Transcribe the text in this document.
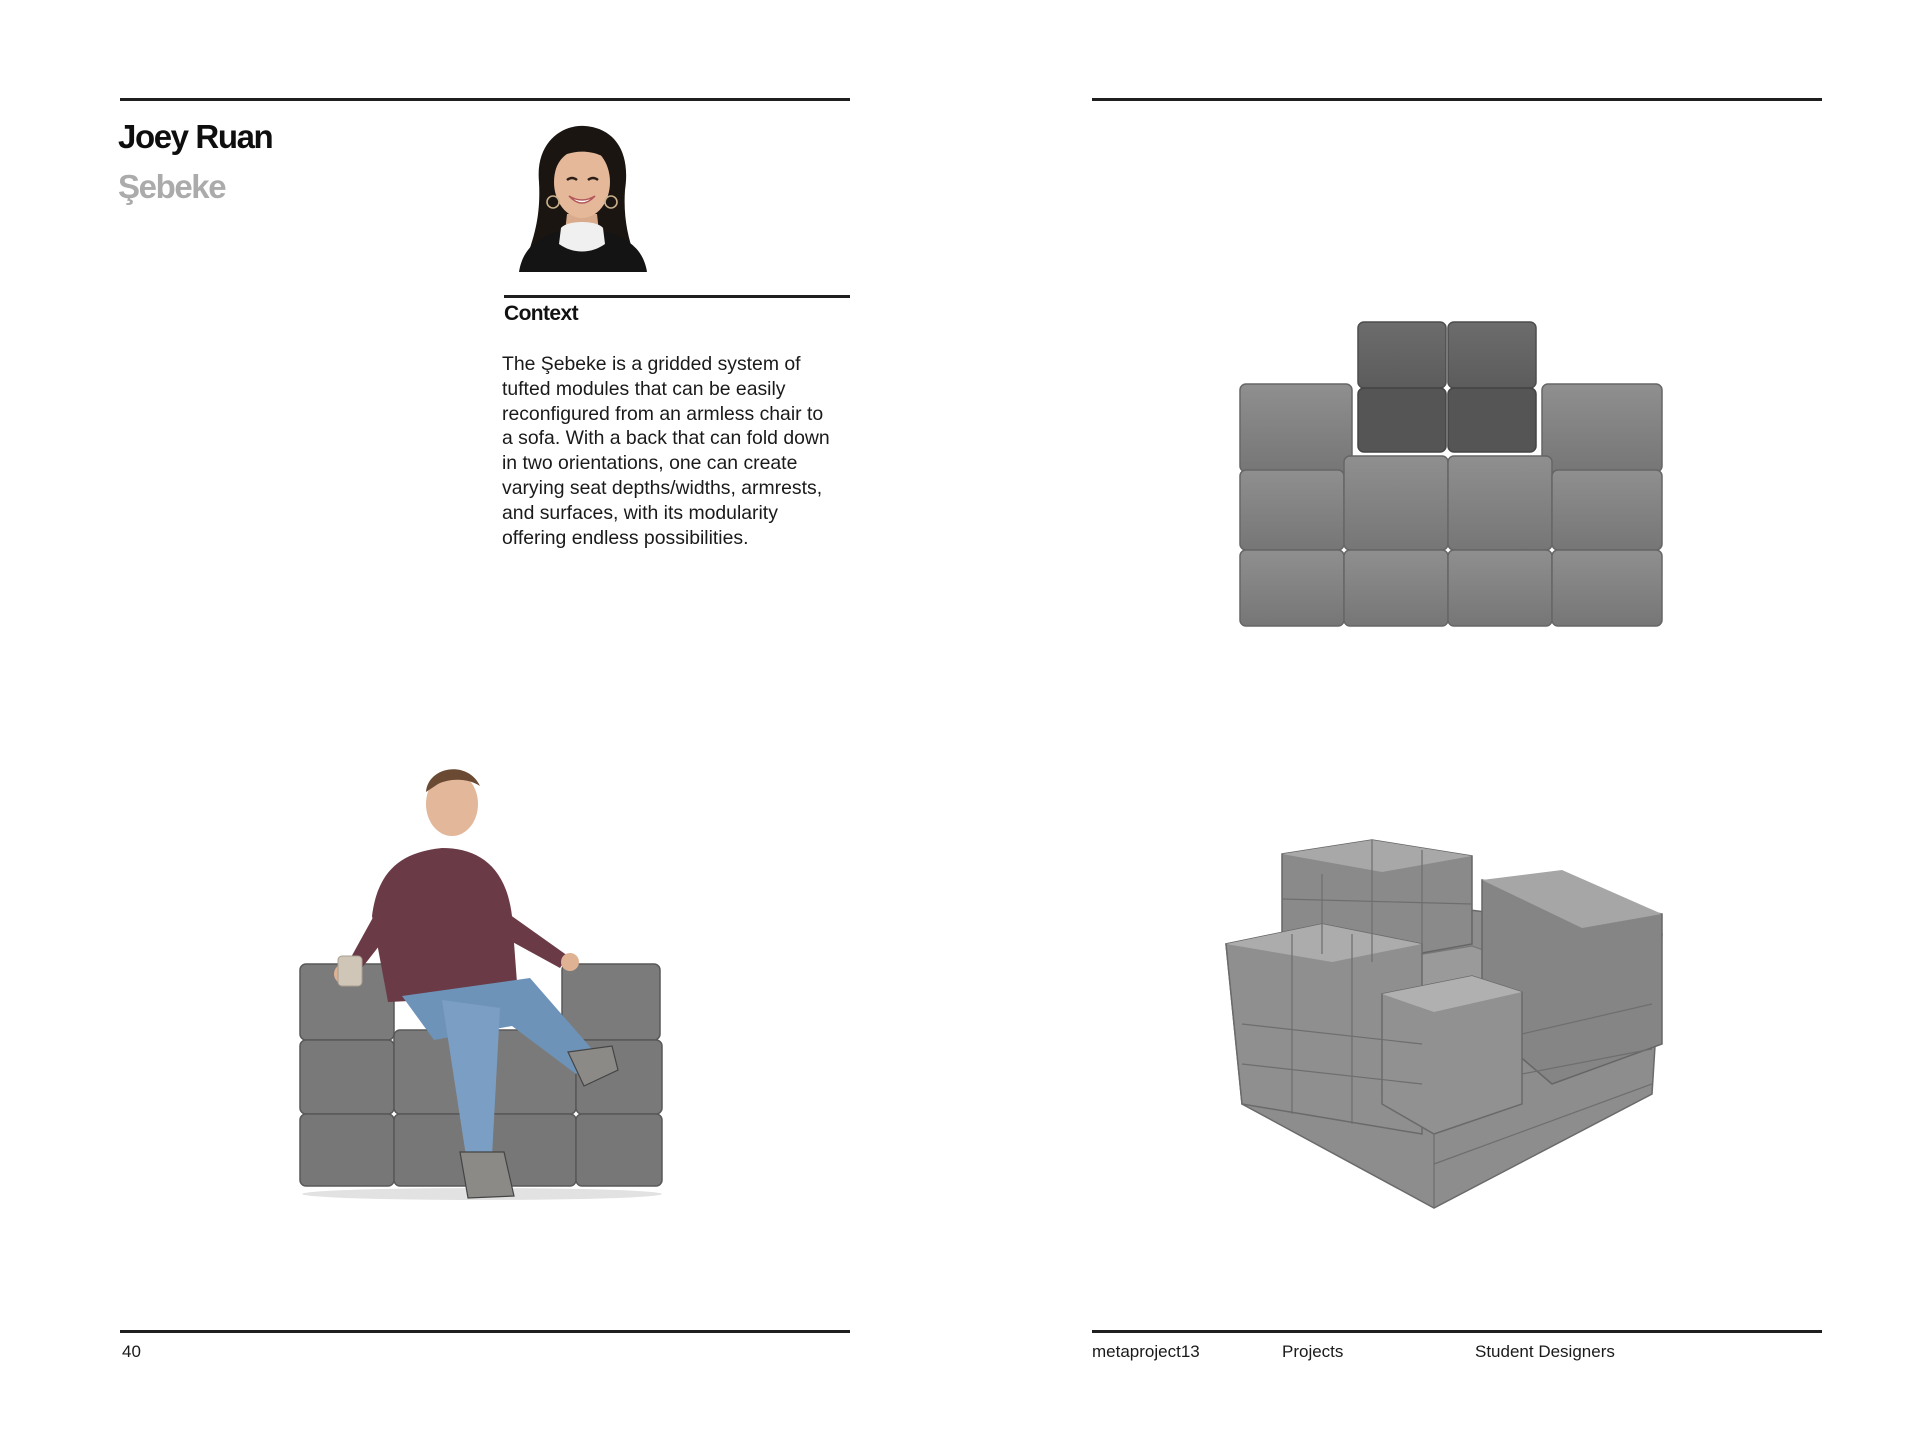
Joey Ruan
Şebeke
Context

The Şebeke is a gridded system of
tufted modules that can be easily
reconfigured from an armless chair to
a sofa. With a back that can fold down
in two orientations, one can create
varying seat depths/widths, armrests,
and surfaces, with its modularity
offering endless possibilities.

40	metaproject13	Projects	Student Designers
